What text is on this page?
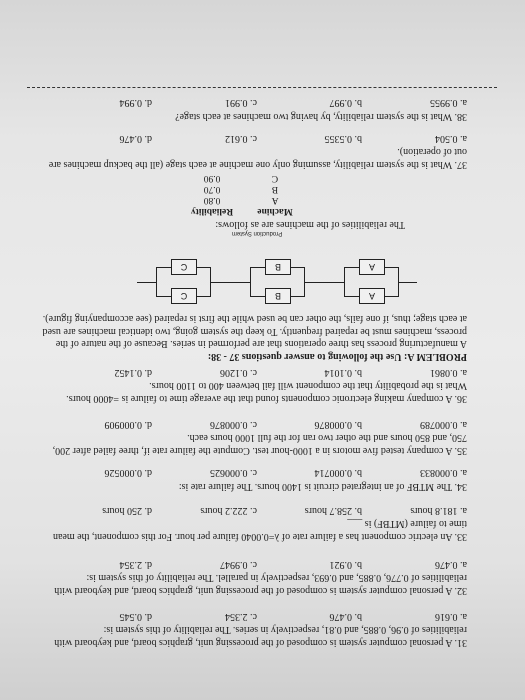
31. A personal computer system is composed of the processing unit, graphics board, and keyboard with reliabilities of 0.96, 0.885, and 0.81, respectively in series. The reliability of this system is:

a. 0.616
b. 0.476
c. 2.354
d. 0.545

32. A personal computer system is composed of the processing unit, graphics board, and keyboard with reliabilities of 0.776, 0.885, and 0.693, respectively in parallel. The reliability of this system is:

a. 0.476
b. 0.921
c. 0.9947
d. 2.354

33. An electric component has a failure rate of λ=0.0040 failure per hour. For this component, the mean time to failure (MTBF) is ___

a. 181.8 hours
b. 258.7 hours
c. 222.2 hours
d. 250 hours

34. The MTBF of an integrated circuit is 1400 hours. The failure rate is:

a. 0.000833
b. 0.000714
c. 0.000625
d. 0.000526

35. A company tested five motors in a 1000-hour test. Compute the failure rate if, three failed after 200, 750, and 850 hours and the other two ran for the full 1000 hours each.

a. 0.000789
b. 0.000876
c. 0.000876
d. 0.000909

36. A company making electronic components found that the average time to failure is =4000 hours. What is the probability that the component will fail between 400 to 1100 hours.

a. 0.0861
b. 0.1014
c. 0.1206
d. 0.1452

PROBLEM A: Use the following to answer questions 37 - 38:

A manufacturing process has three operations that are performed in series. Because of the nature of the process, machines must be repaired frequently. To keep the system going, two identical machines are used at each stage; thus, if one fails, the other can be used while the first is repaired (see accompanying figure).

A
A
B
B
C
C
Production System

The reliabilities of the machines are as follows:

Machine
Reliability
A
0.80
B
0.70
C
0.90

37. What is the system reliability, assuming only one machine at each stage (all the backup machines are out of operation).

a. 0.504
b. 0.5355
c. 0.612
d. 0.476

38. What is the system reliability, by having two machines at each stage?

a. 0.9955
b. 0.997
c. 0.991
d. 0.994
